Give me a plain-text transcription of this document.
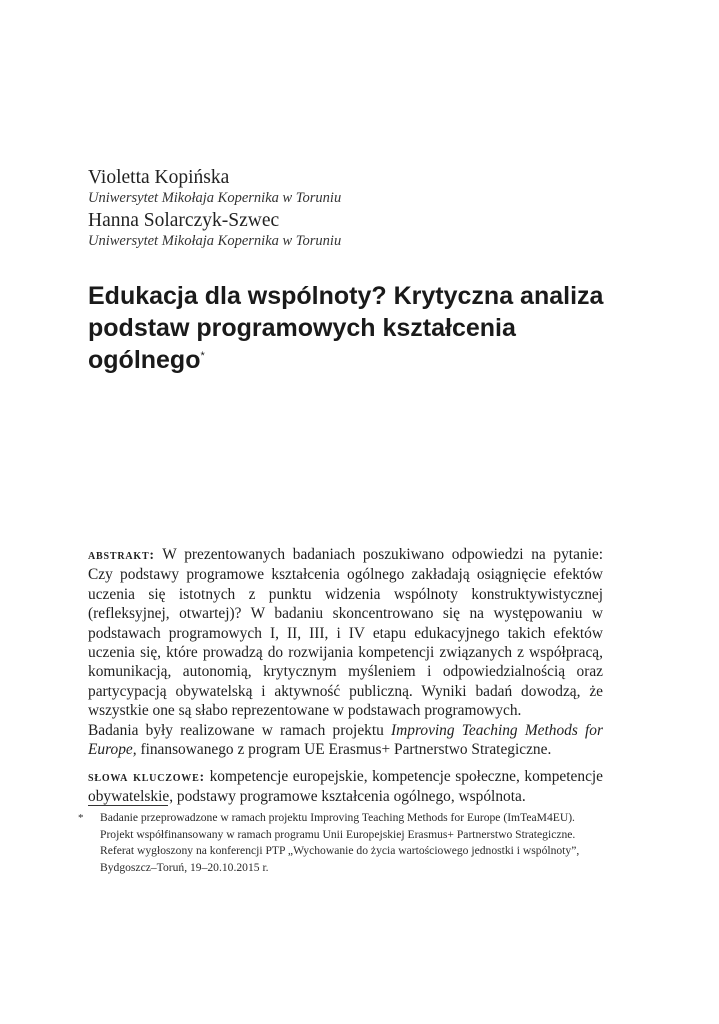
Violetta Kopińska
Uniwersytet Mikołaja Kopernika w Toruniu
Hanna Solarczyk-Szwec
Uniwersytet Mikołaja Kopernika w Toruniu
Edukacja dla wspólnoty? Krytyczna analiza
podstaw programowych kształcenia
ogólnego*
abstrakt: W prezentowanych badaniach poszukiwano odpowiedzi na pytanie: Czy podstawy programowe kształcenia ogólnego zakładają osiągnięcie efektów uczenia się istotnych z punktu widzenia wspólnoty konstruktywistycznej (refleksyjnej, otwartej)? W badaniu skoncentrowano się na występowaniu w podstawach programowych I, II, III, i IV etapu edukacyjnego takich efektów uczenia się, które prowadzą do rozwijania kompetencji związanych z współpracą, komunikacją, autonomią, krytycznym myśleniem i odpowiedzialnością oraz partycypacją obywatelską i aktywność publiczną. Wyniki badań dowodzą, że wszystkie one są słabo reprezentowane w podstawach programowych.
Badania były realizowane w ramach projektu Improving Teaching Methods for Europe, finansowanego z program UE Erasmus+ Partnerstwo Strategiczne.
słowa kluczowe: kompetencje europejskie, kompetencje społeczne, kompetencje obywatelskie, podstawy programowe kształcenia ogólnego, wspólnota.
*	Badanie przeprowadzone w ramach projektu Improving Teaching Methods for Europe (ImTeaM4EU).
Projekt współfinansowany w ramach programu Unii Europejskiej Erasmus+ Partnerstwo Strategiczne.
Referat wygłoszony na konferencji PTP „Wychowanie do życia wartościowego jednostki i wspólnoty”,
Bydgoszcz–Toruń, 19–20.10.2015 r.
